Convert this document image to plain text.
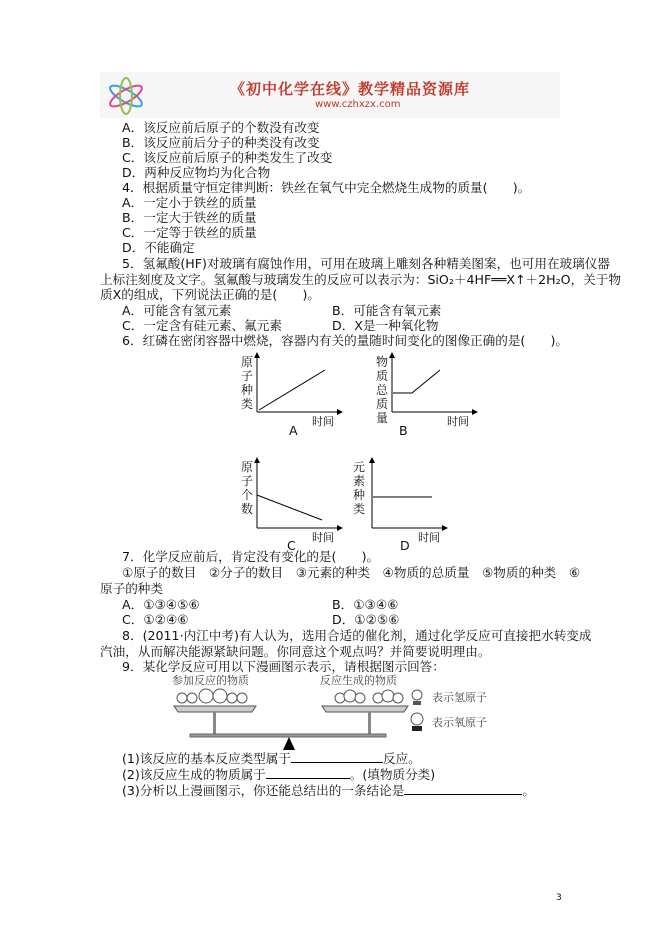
《初中化学在线》教学精品资源库
www.czhxzx.com
A．该反应前后原子的个数没有改变
B．该反应前后分子的种类没有改变
C．该反应前后原子的种类发生了改变
D．两种反应物均为化合物
4．根据质量守恒定律判断：铁丝在氧气中完全燃烧生成物的质量(　　)。
A．一定小于铁丝的质量
B．一定大于铁丝的质量
C．一定等于铁丝的质量
D．不能确定
5．氢氟酸(HF)对玻璃有腐蚀作用，可用在玻璃上雕刻各种精美图案，也可用在玻璃仪器
上标注刻度及文字。氢氟酸与玻璃发生的反应可以表示为：SiO₂＋4HF══X↑＋2H₂O，关于物
质X的组成，下列说法正确的是(　　)。
A．可能含有氢元素	B．可能含有氧元素
C．一定含有硅元素、氟元素	D．X是一种氧化物
6．红磷在密闭容器中燃烧，容器内有关的量随时间变化的图像正确的是(　　)。
原子种类
物质总质量
原子个数
元素种类
时间	时间
时间	时间
A	B
C	D
7．化学反应前后，肯定没有变化的是(　　)。
①原子的数目　②分子的数目　③元素的种类　④物质的总质量　⑤物质的种类　⑥
原子的种类
A．①③④⑤⑥	B．①③④⑥
C．①②④⑥	D．①②⑤⑥
8．(2011·内江中考)有人认为，选用合适的催化剂，通过化学反应可直接把水转变成
汽油，从而解决能源紧缺问题。你同意这个观点吗？并简要说明理由。
9．某化学反应可用以下漫画图示表示，请根据图示回答：
参加反应的物质	反应生成的物质
表示氢原子
表示氧原子
(1)该反应的基本反应类型属于	反应。
(2)该反应生成的物质属于	。(填物质分类)
(3)分析以上漫画图示，你还能总结出的一条结论是	。
3
